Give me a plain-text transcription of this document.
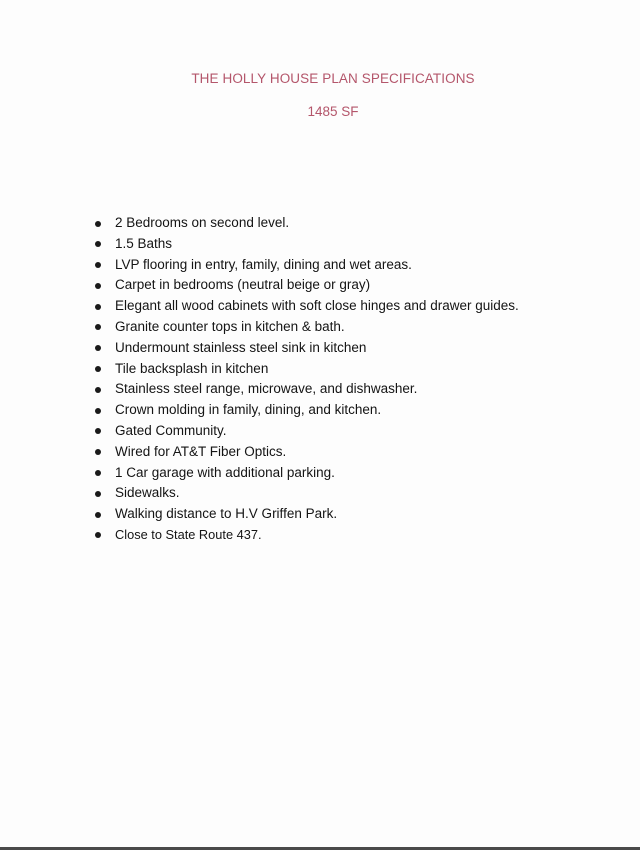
THE HOLLY HOUSE PLAN SPECIFICATIONS
1485 SF
2 Bedrooms on second level.
1.5 Baths
LVP flooring in entry, family, dining and wet areas.
Carpet in bedrooms (neutral beige or gray)
Elegant all wood cabinets with soft close hinges and drawer guides.
Granite counter tops in kitchen & bath.
Undermount stainless steel sink in kitchen
Tile backsplash in kitchen
Stainless steel range, microwave, and dishwasher.
Crown molding in family, dining, and kitchen.
Gated Community.
Wired for AT&T Fiber Optics.
1 Car garage with additional parking.
Sidewalks.
Walking distance to H.V Griffen Park.
Close to State Route 437.
